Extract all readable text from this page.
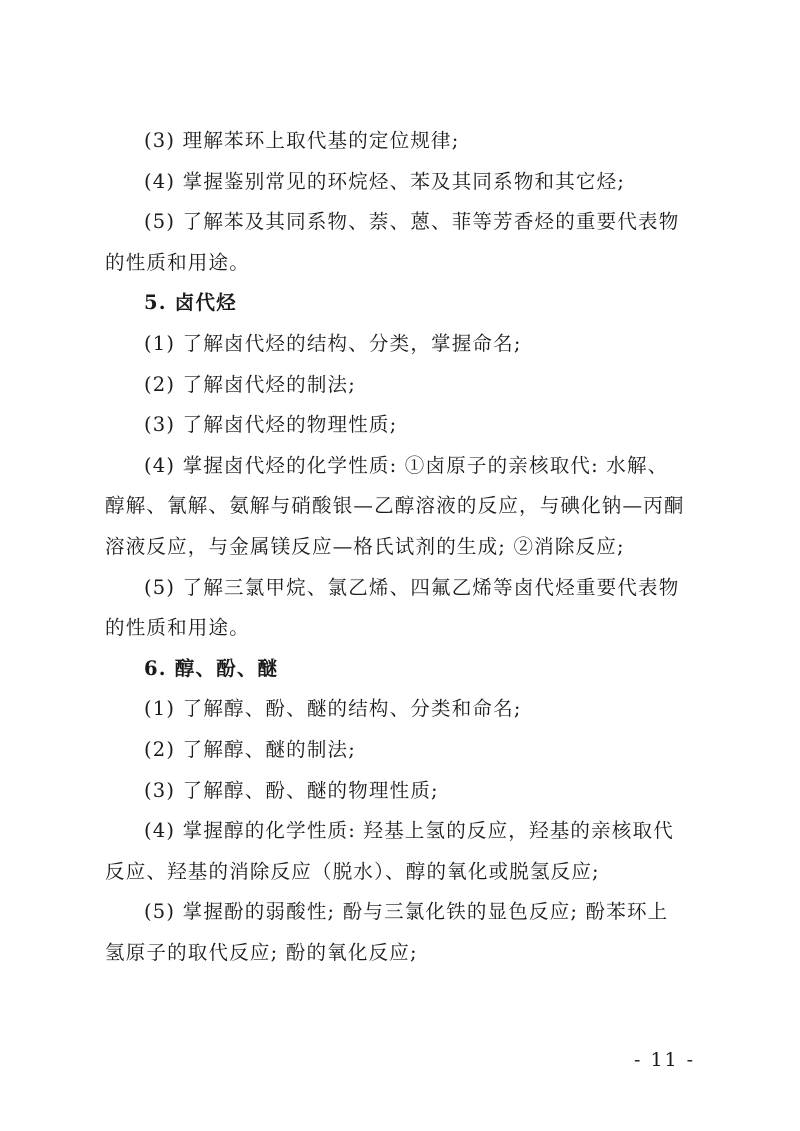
(3) 理解苯环上取代基的定位规律;
(4) 掌握鉴别常见的环烷烃、苯及其同系物和其它烃;
(5) 了解苯及其同系物、萘、蒽、菲等芳香烃的重要代表物
的性质和用途。
5. 卤代烃
(1) 了解卤代烃的结构、分类，掌握命名;
(2) 了解卤代烃的制法;
(3) 了解卤代烃的物理性质;
(4) 掌握卤代烃的化学性质: ①卤原子的亲核取代: 水解、
醇解、氰解、氨解与硝酸银—乙醇溶液的反应，与碘化钠—丙酮
溶液反应，与金属镁反应—格氏试剂的生成; ②消除反应;
(5) 了解三氯甲烷、氯乙烯、四氟乙烯等卤代烃重要代表物
的性质和用途。
6. 醇、酚、醚
(1) 了解醇、酚、醚的结构、分类和命名;
(2) 了解醇、醚的制法;
(3) 了解醇、酚、醚的物理性质;
(4) 掌握醇的化学性质: 羟基上氢的反应，羟基的亲核取代
反应、羟基的消除反应（脱水）、醇的氧化或脱氢反应;
(5) 掌握酚的弱酸性; 酚与三氯化铁的显色反应; 酚苯环上
氢原子的取代反应; 酚的氧化反应;
- 11 -
